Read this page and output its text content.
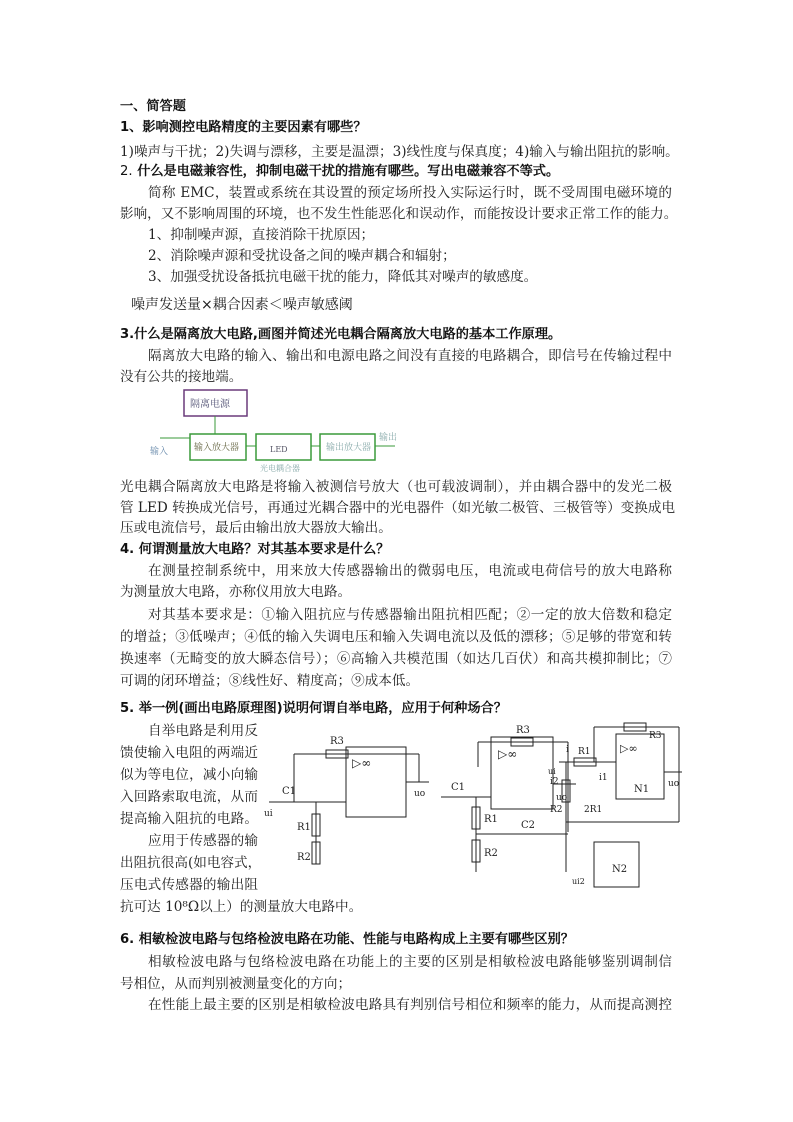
一、简答题
1、影响测控电路精度的主要因素有哪些？
1)噪声与干扰；2)失调与漂移，主要是温漂；3)线性度与保真度；4)输入与输出阻抗的影响。
2. 什么是电磁兼容性，抑制电磁干扰的措施有哪些。写出电磁兼容不等式。
简称 EMC，装置或系统在其设置的预定场所投入实际运行时，既不受周围电磁环境的
影响，又不影响周围的环境，也不发生性能恶化和误动作，而能按设计要求正常工作的能力。
1、抑制噪声源，直接消除干扰原因；
2、消除噪声源和受扰设备之间的噪声耦合和辐射；
3、加强受扰设备抵抗电磁干扰的能力，降低其对噪声的敏感度。
噪声发送量×耦合因素＜噪声敏感阈
3.什么是隔离放大电路,画图并简述光电耦合隔离放大电路的基本工作原理。
隔离放大电路的输入、输出和电源电路之间没有直接的电路耦合，即信号在传输过程中
没有公共的接地端。
隔离电源
输入放大器	LED	输出放大器
输入
输出
光电耦合器
光电耦合隔离放大电路是将输入被测信号放大（也可载波调制），并由耦合器中的发光二极
管 LED 转换成光信号，再通过光耦合器中的光电器件（如光敏二极管、三极管等）变换成电
压或电流信号，最后由输出放大器放大输出。
4. 何谓测量放大电路？对其基本要求是什么？
在测量控制系统中，用来放大传感器输出的微弱电压，电流或电荷信号的放大电路称
为测量放大电路，亦称仪用放大电路。
对其基本要求是：①输入阻抗应与传感器输出阻抗相匹配；②一定的放大倍数和稳定
的增益；③低噪声；④低的输入失调电压和输入失调电流以及低的漂移；⑤足够的带宽和转
换速率（无畸变的放大瞬态信号）；⑥高输入共模范围（如达几百伏）和高共模抑制比；⑦
可调的闭环增益；⑧线性好、精度高；⑨成本低。
5. 举一例(画出电路原理图)说明何谓自举电路，应用于何种场合？
自举电路是利用反
馈使输入电阻的两端近
似为等电位，减小向输
入回路索取电流，从而
提高输入阻抗的电路。
应用于传感器的输
出阻抗很高(如电容式，
压电式传感器的输出阻
抗可达 10⁸Ω以上）的测量放大电路中。
▷∞
R3
R1
R2
C1
ui
uo
▷∞
R3
R1
R2
C2
C1
uo
▷∞
N1
N2
R3
R1
R2 2R1
i2	i1
i
ui
ui2
uo
6. 相敏检波电路与包络检波电路在功能、性能与电路构成上主要有哪些区别？
相敏检波电路与包络检波电路在功能上的主要的区别是相敏检波电路能够鉴别调制信
号相位，从而判别被测量变化的方向；
在性能上最主要的区别是相敏检波电路具有判别信号相位和频率的能力，从而提高测控
